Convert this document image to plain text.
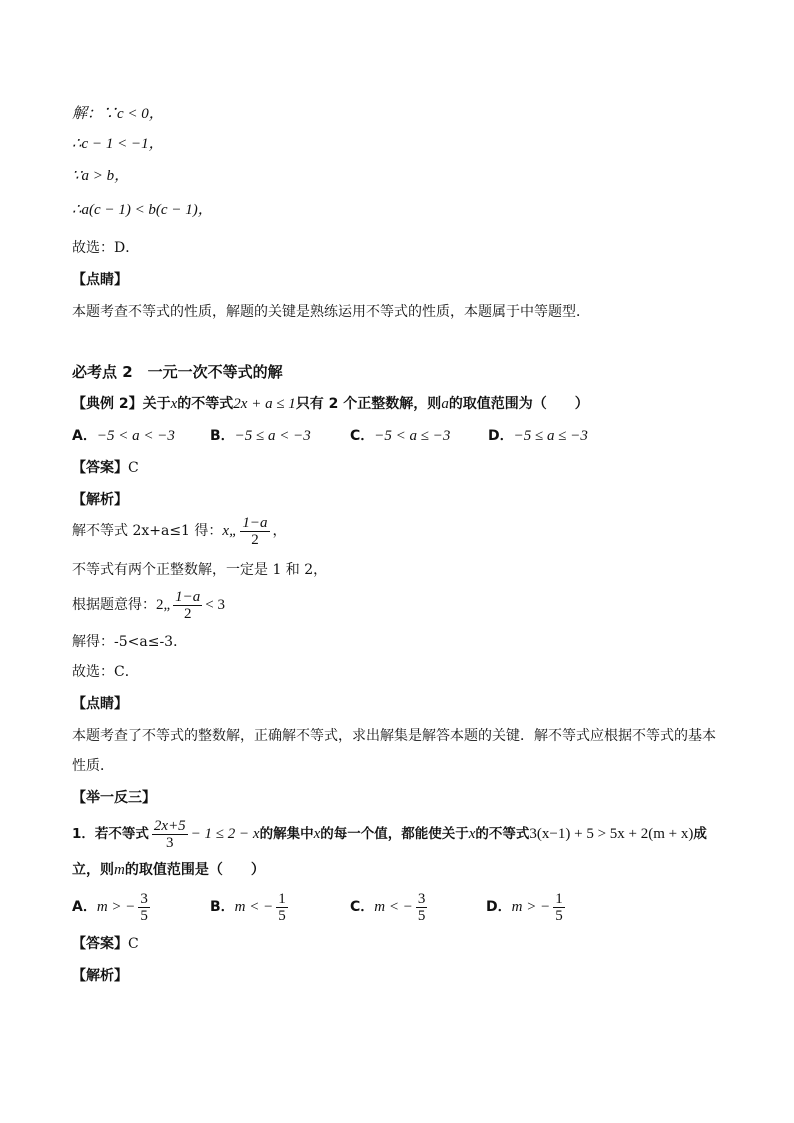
解：∵c < 0，
∴c − 1 < −1，
∵a > b，
∴a(c − 1) < b(c − 1)，
故选：D．
【点睛】
本题考查不等式的性质，解题的关键是熟练运用不等式的性质，本题属于中等题型．
必考点 2　一元一次不等式的解
【典例 2】关于x的不等式2x + a ≤ 1只有 2 个正整数解，则a的取值范围为（　　）
A．−5 < a < −3	B．−5 ≤ a < −3	C．−5 < a ≤ −3	D．−5 ≤ a ≤ −3
【答案】C
【解析】
解不等式 2x+a≤1 得：x„ $\frac{1-a}{2}$ ，
不等式有两个正整数解，一定是 1 和 2，
根据题意得：2„ $\frac{1-a}{2} < 3$
解得：-5<a≤-3．
故选：C．
【点睛】
本题考查了不等式的整数解，正确解不等式，求出解集是解答本题的关键．解不等式应根据不等式的基本
性质．
【举一反三】
1．若不等式 $\frac{2x+5}{3} - 1 \le 2 - x$的解集中x的每一个值，都能使关于x的不等式3(x−1) + 5 > 5x + 2(m + x)成
立，则m的取值范围是（　　）
A．m > − $\frac{3}{5}$	B．m < − $\frac{1}{5}$	C．m < − $\frac{3}{5}$	D．m > − $\frac{1}{5}$
【答案】C
【解析】
